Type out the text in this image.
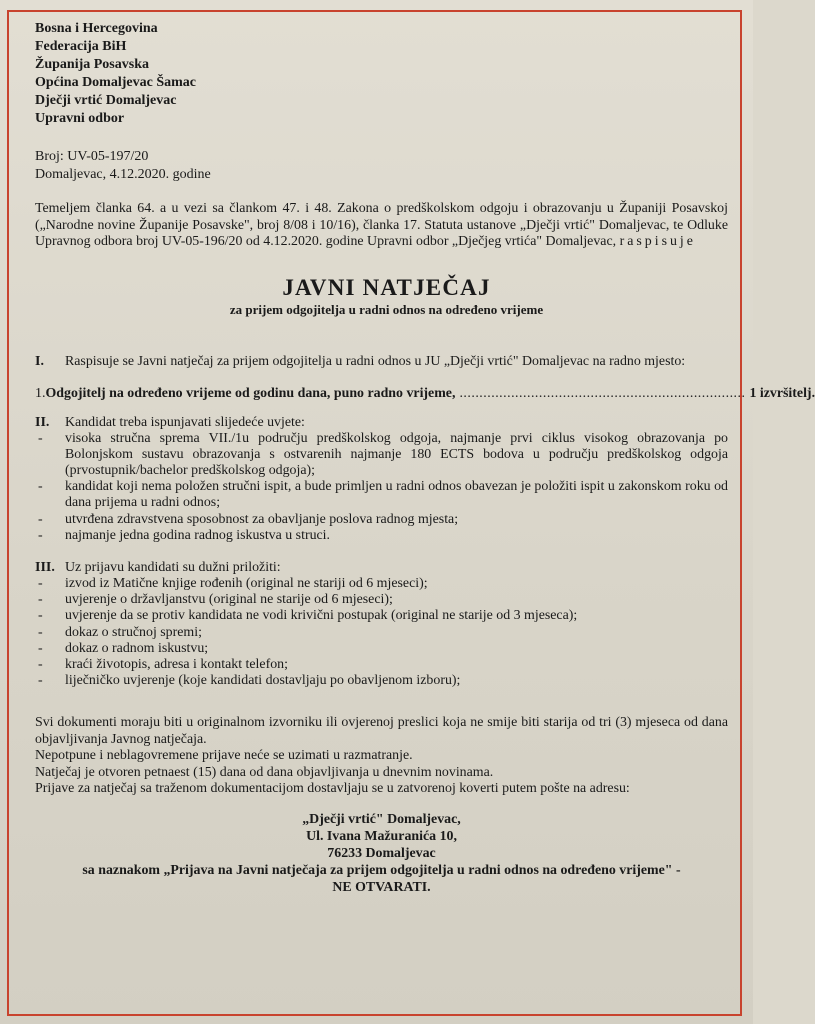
Bosna i Hercegovina
Federacija BiH
Županija Posavska
Općina Domaljevac Šamac
Dječji vrtić Domaljevac
Upravni odbor
Broj: UV-05-197/20
Domaljevac, 4.12.2020. godine
Temeljem članka 64. a u vezi sa člankom 47. i 48. Zakona o predškolskom odgoju i obrazovanju u Županiji Posavskoj („Narodne novine Županije Posavske", broj 8/08 i 10/16), članka 17. Statuta ustanove „Dječji vrtić" Domaljevac, te Odluke Upravnog odbora broj UV-05-196/20 od 4.12.2020. godine Upravni odbor „Dječjeg vrtića" Domaljevac, raspisuje
JAVNI NATJEČAJ
za prijem odgojitelja u radni odnos na određeno vrijeme
I.	Raspisuje se Javni natječaj za prijem odgojitelja u radni odnos u JU „Dječji vrtić" Domaljevac na radno mjesto:
1. Odgojitelj na određeno vrijeme od godinu dana, puno radno vrijeme, ........................................................................ 1 izvršitelj.
II.	Kandidat treba ispunjavati slijedeće uvjete:
- visoka stručna sprema VII./1u području predškolskog odgoja, najmanje prvi ciklus visokog obrazovanja po Bolonjskom sustavu obrazovanja s ostvarenih najmanje 180 ECTS bodova u području predškolskog odgoja (prvostupnik/bachelor predškolskog odgoja);
- kandidat koji nema položen stručni ispit, a bude primljen u radni odnos obavezan je položiti ispit u zakonskom roku od dana prijema u radni odnos;
- utvrđena zdravstvena sposobnost za obavljanje poslova radnog mjesta;
- najmanje jedna godina radnog iskustva u struci.
III. Uz prijavu kandidati su dužni priložiti:
- izvod iz Matične knjige rođenih (original ne stariji od 6 mjeseci);
- uvjerenje o državljanstvu (original ne starije od 6 mjeseci);
- uvjerenje da se protiv kandidata ne vodi krivični postupak (original ne starije od 3 mjeseca);
- dokaz o stručnoj spremi;
- dokaz o radnom iskustvu;
- kraći životopis, adresa i kontakt telefon;
- liječničko uvjerenje (koje kandidati dostavljaju po obavljenom izboru);

Svi dokumenti moraju biti u originalnom izvorniku ili ovjerenoj preslici koja ne smije biti starija od tri (3) mjeseca od dana objavljivanja Javnog natječaja.

Nepotpune i neblagovremene prijave neće se uzimati u razmatranje.

Natječaj je otvoren petnaest (15) dana od dana objavljivanja u dnevnim novinama.

Prijave za natječaj sa traženom dokumentacijom dostavljaju se u zatvorenoj koverti putem pošte na adresu:

„Dječji vrtić" Domaljevac,
Ul. Ivana Mažuranića 10,
76233 Domaljevac
sa naznakom „Prijava na Javni natječaja za prijem odgojitelja u radni odnos na određeno vrijeme" -
NE OTVARATI.
